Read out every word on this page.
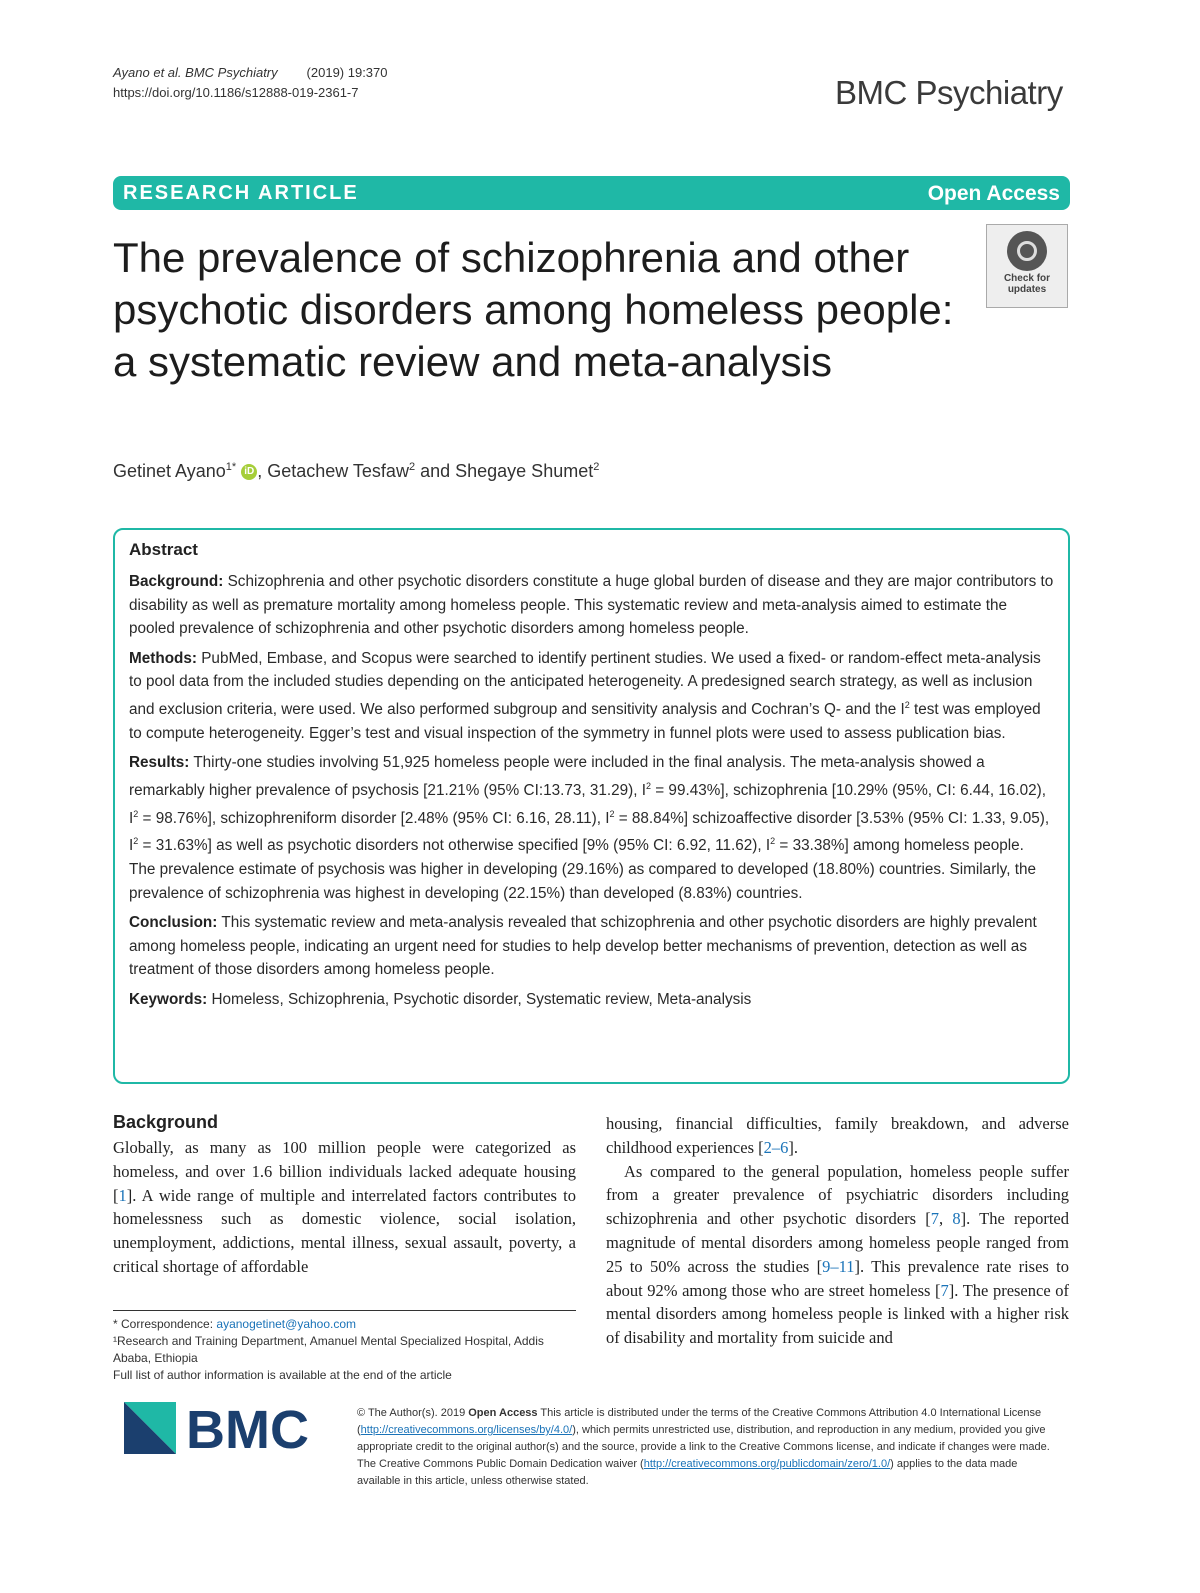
Ayano et al. BMC Psychiatry (2019) 19:370
https://doi.org/10.1186/s12888-019-2361-7	BMC Psychiatry
RESEARCH ARTICLE	Open Access
The prevalence of schizophrenia and other psychotic disorders among homeless people: a systematic review and meta-analysis
Check for updates
Getinet Ayano$^{1*}$ iD , Getachew Tesfaw$^2$ and Shegaye Shumet$^2$
Abstract

Background: Schizophrenia and other psychotic disorders constitute a huge global burden of disease and they are major contributors to disability as well as premature mortality among homeless people. This systematic review and meta-analysis aimed to estimate the pooled prevalence of schizophrenia and other psychotic disorders among homeless people.

Methods: PubMed, Embase, and Scopus were searched to identify pertinent studies. We used a fixed- or random-effect meta-analysis to pool data from the included studies depending on the anticipated heterogeneity. A predesigned search strategy, as well as inclusion and exclusion criteria, were used. We also performed subgroup and sensitivity analysis and Cochran’s Q- and the $I^2$ test was employed to compute heterogeneity. Egger’s test and visual inspection of the symmetry in funnel plots were used to assess publication bias.

Results: Thirty-one studies involving 51,925 homeless people were included in the final analysis. The meta-analysis showed a remarkably higher prevalence of psychosis [21.21% (95% CI:13.73, 31.29), $I^2 = 99.43\%$], schizophrenia [10.29% (95%, CI: 6.44, 16.02), $I^2 = 98.76\%$], schizophreniform disorder [2.48% (95% CI: 6.16, 28.11), $I^2 = 88.84\%$] schizoaffective disorder [3.53% (95% CI: 1.33, 9.05), $I^2 = 31.63\%$] as well as psychotic disorders not otherwise specified [9% (95% CI: 6.92, 11.62), $I^2 = 33.38\%$] among homeless people. The prevalence estimate of psychosis was higher in developing (29.16%) as compared to developed (18.80%) countries. Similarly, the prevalence of schizophrenia was highest in developing (22.15%) than developed (8.83%) countries.

Conclusion: This systematic review and meta-analysis revealed that schizophrenia and other psychotic disorders are highly prevalent among homeless people, indicating an urgent need for studies to help develop better mechanisms of prevention, detection as well as treatment of those disorders among homeless people.

Keywords: Homeless, Schizophrenia, Psychotic disorder, Systematic review, Meta-analysis

Background
Globally, as many as 100 million people were categorized as homeless, and over 1.6 billion individuals lacked adequate housing [1]. A wide range of multiple and interrelated factors contributes to homelessness such as domestic violence, social isolation, unemployment, addictions, mental illness, sexual assault, poverty, a critical shortage of affordable

housing, financial difficulties, family breakdown, and adverse childhood experiences [2–6].

As compared to the general population, homeless people suffer from a greater prevalence of psychiatric disorders including schizophrenia and other psychotic disorders [7, 8]. The reported magnitude of mental disorders among homeless people ranged from 25 to 50% across the studies [9–11]. This prevalence rate rises to about 92% among those who are street homeless [7]. The presence of mental disorders among homeless people is linked with a higher risk of disability and mortality from suicide and

* Correspondence: ayanogetinet@yahoo.com
¹Research and Training Department, Amanuel Mental Specialized Hospital, Addis Ababa, Ethiopia
Full list of author information is available at the end of the article
BMC	© The Author(s). 2019 Open Access This article is distributed under the terms of the Creative Commons Attribution 4.0 International License (http://creativecommons.org/licenses/by/4.0/), which permits unrestricted use, distribution, and reproduction in any medium, provided you give appropriate credit to the original author(s) and the source, provide a link to the Creative Commons license, and indicate if changes were made. The Creative Commons Public Domain Dedication waiver (http://creativecommons.org/publicdomain/zero/1.0/) applies to the data made available in this article, unless otherwise stated.
